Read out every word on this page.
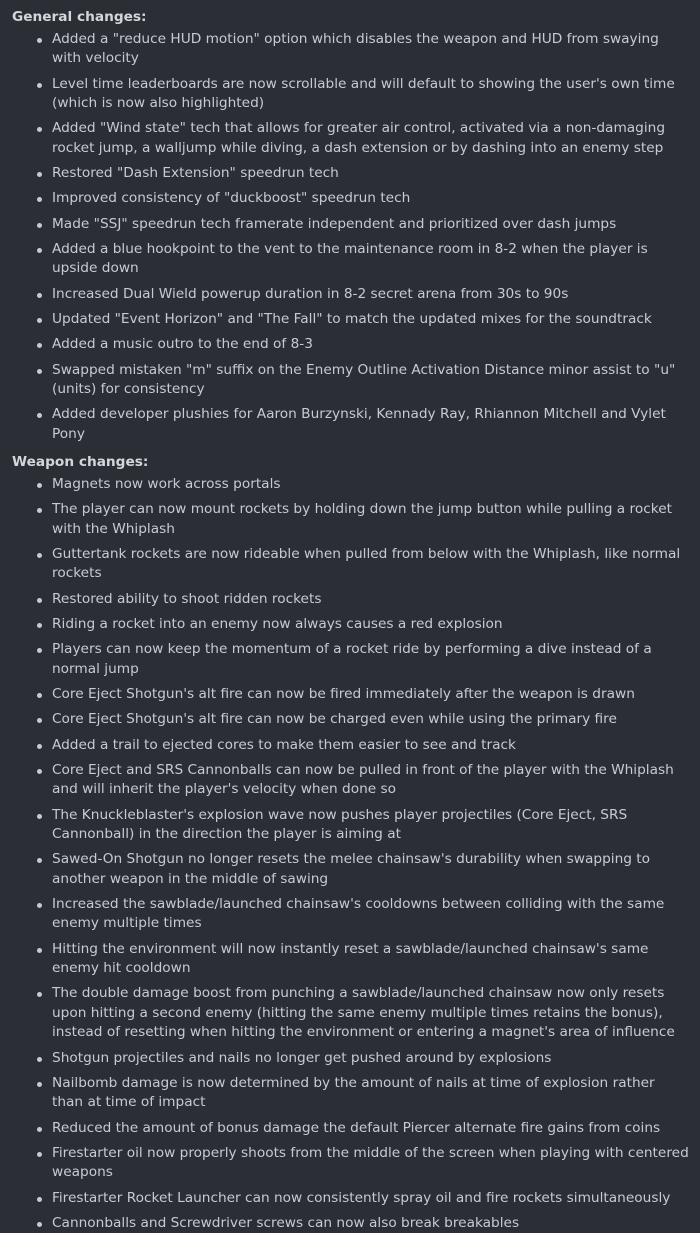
General changes:
Added a "reduce HUD motion" option which disables the weapon and HUD from swaying with velocity
Level time leaderboards are now scrollable and will default to showing the user's own time (which is now also highlighted)
Added "Wind state" tech that allows for greater air control, activated via a non-damaging rocket jump, a walljump while diving, a dash extension or by dashing into an enemy step
Restored "Dash Extension" speedrun tech
Improved consistency of "duckboost" speedrun tech
Made "SSJ" speedrun tech framerate independent and prioritized over dash jumps
Added a blue hookpoint to the vent to the maintenance room in 8-2 when the player is upside down
Increased Dual Wield powerup duration in 8-2 secret arena from 30s to 90s
Updated "Event Horizon" and "The Fall" to match the updated mixes for the soundtrack
Added a music outro to the end of 8-3
Swapped mistaken "m" suffix on the Enemy Outline Activation Distance minor assist to "u" (units) for consistency
Added developer plushies for Aaron Burzynski, Kennady Ray, Rhiannon Mitchell and Vylet Pony
Weapon changes:
Magnets now work across portals
The player can now mount rockets by holding down the jump button while pulling a rocket with the Whiplash
Guttertank rockets are now rideable when pulled from below with the Whiplash, like normal rockets
Restored ability to shoot ridden rockets
Riding a rocket into an enemy now always causes a red explosion
Players can now keep the momentum of a rocket ride by performing a dive instead of a normal jump
Core Eject Shotgun's alt fire can now be fired immediately after the weapon is drawn
Core Eject Shotgun's alt fire can now be charged even while using the primary fire
Added a trail to ejected cores to make them easier to see and track
Core Eject and SRS Cannonballs can now be pulled in front of the player with the Whiplash and will inherit the player's velocity when done so
The Knuckleblaster's explosion wave now pushes player projectiles (Core Eject, SRS Cannonball) in the direction the player is aiming at
Sawed-On Shotgun no longer resets the melee chainsaw's durability when swapping to another weapon in the middle of sawing
Increased the sawblade/launched chainsaw's cooldowns between colliding with the same enemy multiple times
Hitting the environment will now instantly reset a sawblade/launched chainsaw's same enemy hit cooldown
The double damage boost from punching a sawblade/launched chainsaw now only resets upon hitting a second enemy (hitting the same enemy multiple times retains the bonus), instead of resetting when hitting the environment or entering a magnet's area of influence
Shotgun projectiles and nails no longer get pushed around by explosions
Nailbomb damage is now determined by the amount of nails at time of explosion rather than at time of impact
Reduced the amount of bonus damage the default Piercer alternate fire gains from coins
Firestarter oil now properly shoots from the middle of the screen when playing with centered weapons
Firestarter Rocket Launcher can now consistently spray oil and fire rockets simultaneously
Cannonballs and Screwdriver screws can now also break breakables
